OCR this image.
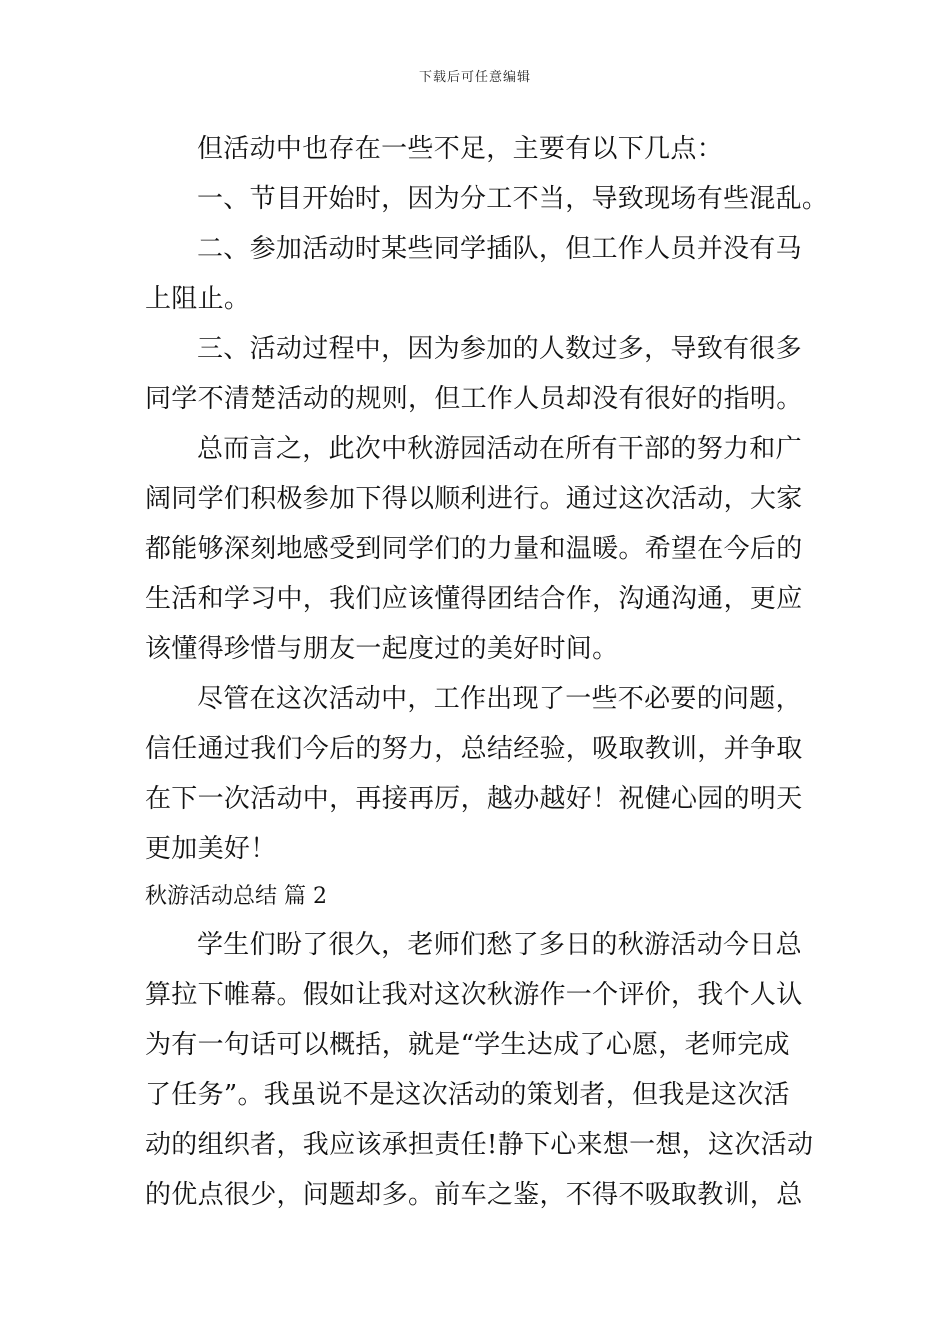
下载后可任意编辑
但活动中也存在一些不足，主要有以下几点：
一、节目开始时，因为分工不当，导致现场有些混乱。
二、参加活动时某些同学插队，但工作人员并没有马
上阻止。
三、活动过程中，因为参加的人数过多，导致有很多
同学不清楚活动的规则，但工作人员却没有很好的指明。
总而言之，此次中秋游园活动在所有干部的努力和广
阔同学们积极参加下得以顺利进行。通过这次活动，大家
都能够深刻地感受到同学们的力量和温暖。希望在今后的
生活和学习中，我们应该懂得团结合作，沟通沟通，更应
该懂得珍惜与朋友一起度过的美好时间。
尽管在这次活动中，工作出现了一些不必要的问题，
信任通过我们今后的努力，总结经验，吸取教训，并争取
在下一次活动中，再接再厉，越办越好！祝健心园的明天
更加美好！
秋游活动总结 篇 2
学生们盼了很久，老师们愁了多日的秋游活动今日总
算拉下帷幕。假如让我对这次秋游作一个评价，我个人认
为有一句话可以概括，就是“学生达成了心愿，老师完成
了任务”。我虽说不是这次活动的策划者，但我是这次活
动的组织者，我应该承担责任!静下心来想一想，这次活动
的优点很少，问题却多。前车之鉴，不得不吸取教训，总
